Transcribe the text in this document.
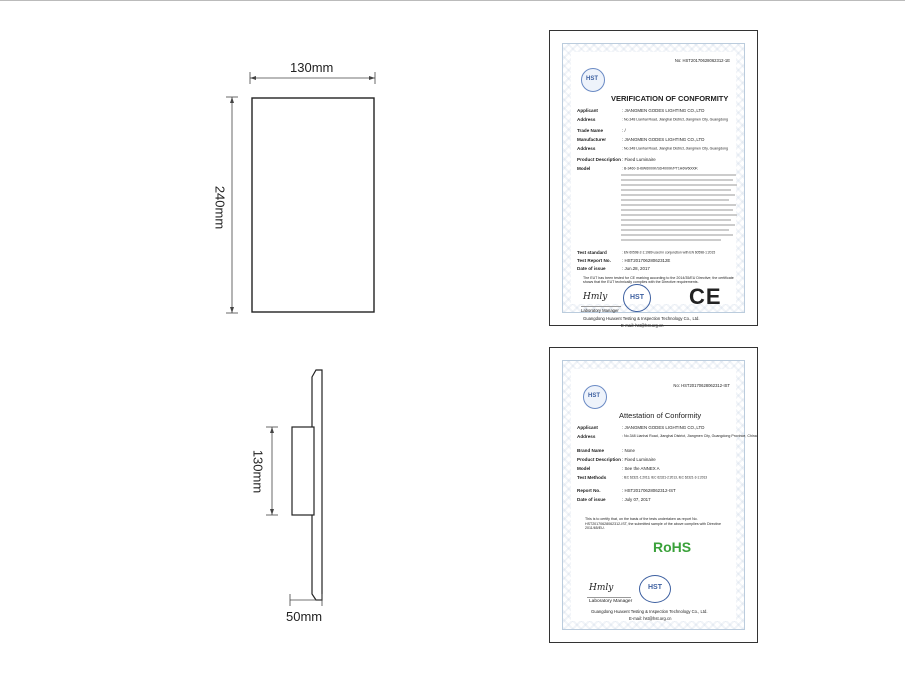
130mm
240mm
130mm
50mm
HST
No: HST20170628062312-1E
VERIFICATION OF CONFORMITY
Applicant	: JIANGMEN GODES LIGHTING CO.,LTD
Address	: No.348 Lianhai Road, Jianghai District, Jiangmen City, Guangdong
Trade Name	: /
Manufacturer	: JIANGMEN GODES LIGHTING CO.,LTD
Address	: No.348 Lianhai Road, Jianghai District, Jiangmen City, Guangdong
Product Description : Fixed Luminaire
Model	: B-3460-1H6W6000K/SD4000K/PT1H6W6000K
Test standard	: EN 60598-2-1:1989 used in conjunction with EN 60598-1:2015
Test Report No.	: HST20170628062312E
Date of issue	: Jun.28, 2017
The EUT has been tested for CE marking according to the 2014/35/EU Directive; the certificate shows that the EUT technically complies with the Directive requirements.
HST CE
Hmly
Laboratory Manager
Guangdong Huaxent Testing & Inspection Technology Co., Ltd.
E-mail: hst@hst.org.cn
HST
No: HST20170628062312-IST
Attestation of Conformity
Applicant	: JIANGMEN GODES LIGHTING CO.,LTD
Address	: No.348 Lianhai Road, Jianghai District, Jiangmen City, Guangdong Province, China
Brand Name	: None
Product Description : Fixed Luminaire
Model	: See the ANNEX A
Test Methods	: IEC 62321-1:2013, IEC 62321-2:2013, IEC 62321-3-1:2013
Report No.	: HST20170628062312-IST
Date of issue	: July 07, 2017
This is to certify that, on the basis of the tests undertaken as report No. HST20170628062312-IST, the submitted sample of the above complies with Directive 2011/65/EU.
RoHS
HST
Hmly
Laboratory Manager
Guangdong Huaxent Testing & Inspection Technology Co., Ltd.
E-mail: hst@hst.org.cn
